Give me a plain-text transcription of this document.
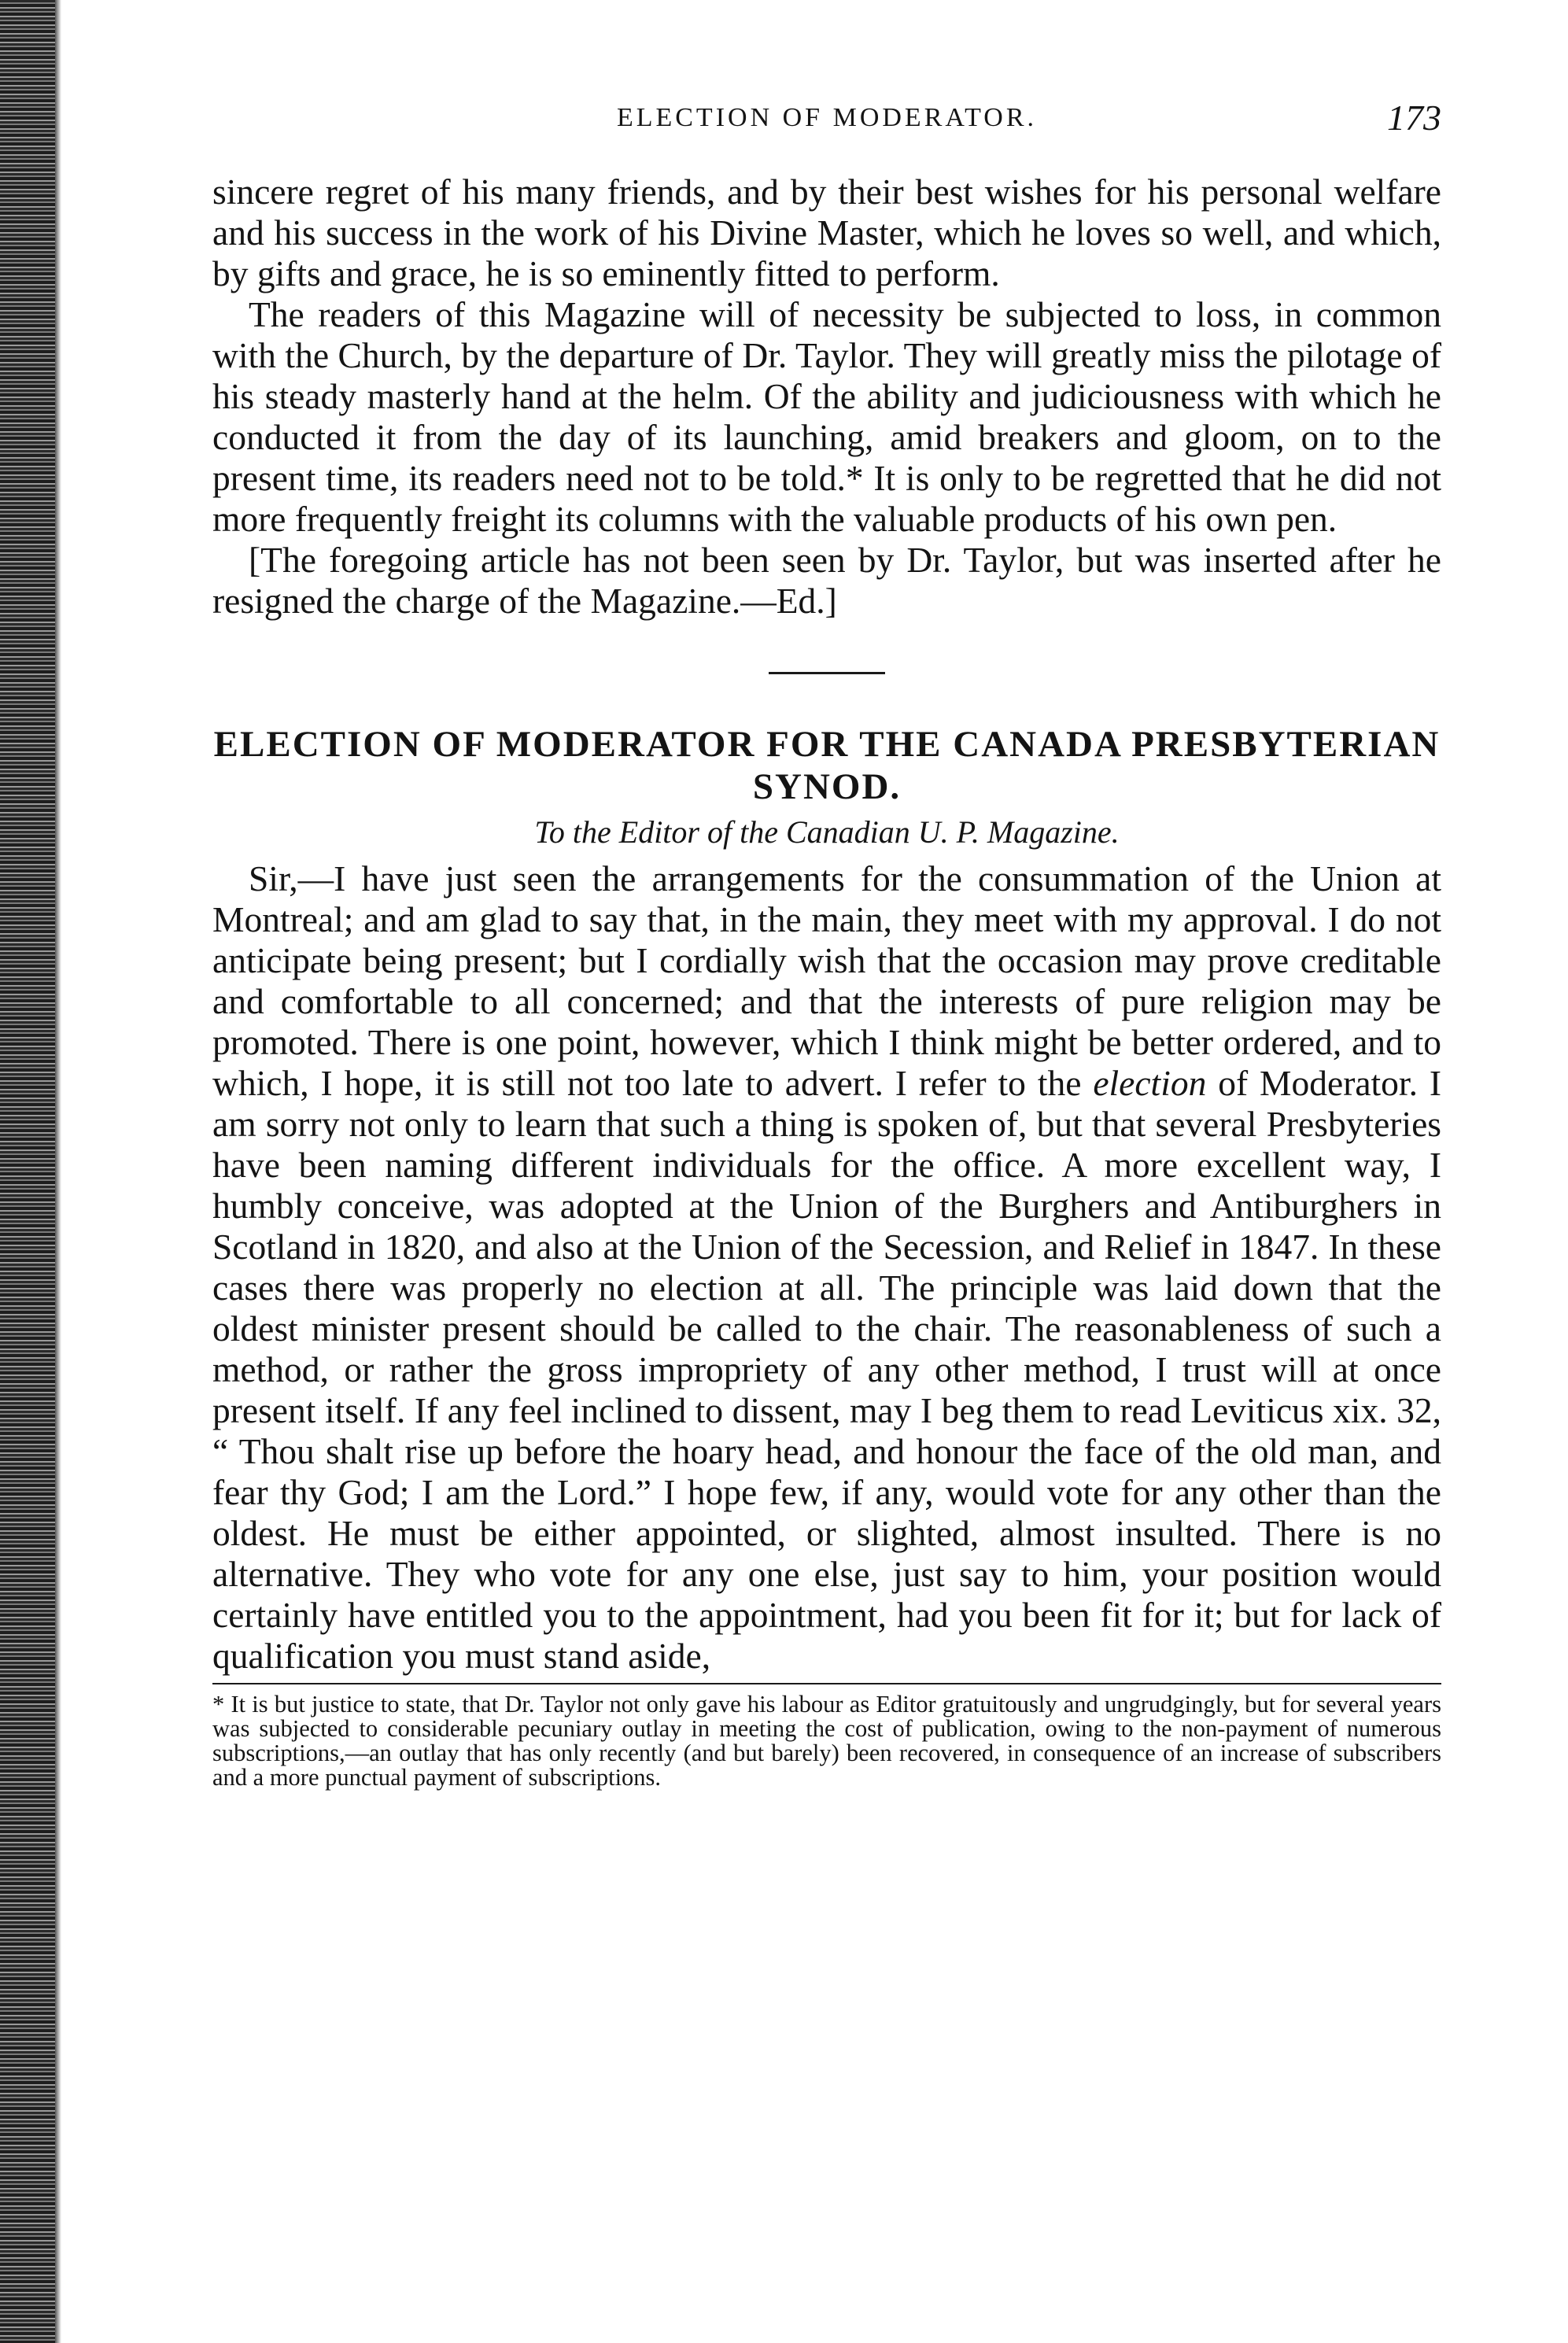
ELECTION OF MODERATOR.	173

sincere regret of his many friends, and by their best wishes for his personal welfare and his success in the work of his Divine Master, which he loves so well, and which, by gifts and grace, he is so eminently fitted to perform.

The readers of this Magazine will of necessity be subjected to loss, in common with the Church, by the departure of Dr. Taylor. They will greatly miss the pilotage of his steady masterly hand at the helm. Of the ability and judiciousness with which he conducted it from the day of its launching, amid breakers and gloom, on to the present time, its readers need not to be told.* It is only to be regretted that he did not more frequently freight its columns with the valuable products of his own pen.

[The foregoing article has not been seen by Dr. Taylor, but was inserted after he resigned the charge of the Magazine.—Ed.]

ELECTION OF MODERATOR FOR THE CANADA PRESBYTERIAN SYNOD.
To the Editor of the Canadian U. P. Magazine.

Sir,—I have just seen the arrangements for the consummation of the Union at Montreal; and am glad to say that, in the main, they meet with my approval. I do not anticipate being present; but I cordially wish that the occasion may prove creditable and comfortable to all concerned; and that the interests of pure religion may be promoted. There is one point, however, which I think might be better ordered, and to which, I hope, it is still not too late to advert. I refer to the election of Moderator. I am sorry not only to learn that such a thing is spoken of, but that several Presbyteries have been naming different individuals for the office. A more excellent way, I humbly conceive, was adopted at the Union of the Burghers and Antiburghers in Scotland in 1820, and also at the Union of the Secession, and Relief in 1847. In these cases there was properly no election at all. The principle was laid down that the oldest minister present should be called to the chair. The reasonableness of such a method, or rather the gross impropriety of any other method, I trust will at once present itself. If any feel inclined to dissent, may I beg them to read Leviticus xix. 32, “ Thou shalt rise up before the hoary head, and honour the face of the old man, and fear thy God; I am the Lord.” I hope few, if any, would vote for any other than the oldest. He must be either appointed, or slighted, almost insulted. There is no alternative. They who vote for any one else, just say to him, your position would certainly have entitled you to the appointment, had you been fit for it; but for lack of qualification you must stand aside,

* It is but justice to state, that Dr. Taylor not only gave his labour as Editor gratuitously and ungrudgingly, but for several years was subjected to considerable pecuniary outlay in meeting the cost of publication, owing to the non-payment of numerous subscriptions,—an outlay that has only recently (and but barely) been recovered, in consequence of an increase of subscribers and a more punctual payment of subscriptions.
